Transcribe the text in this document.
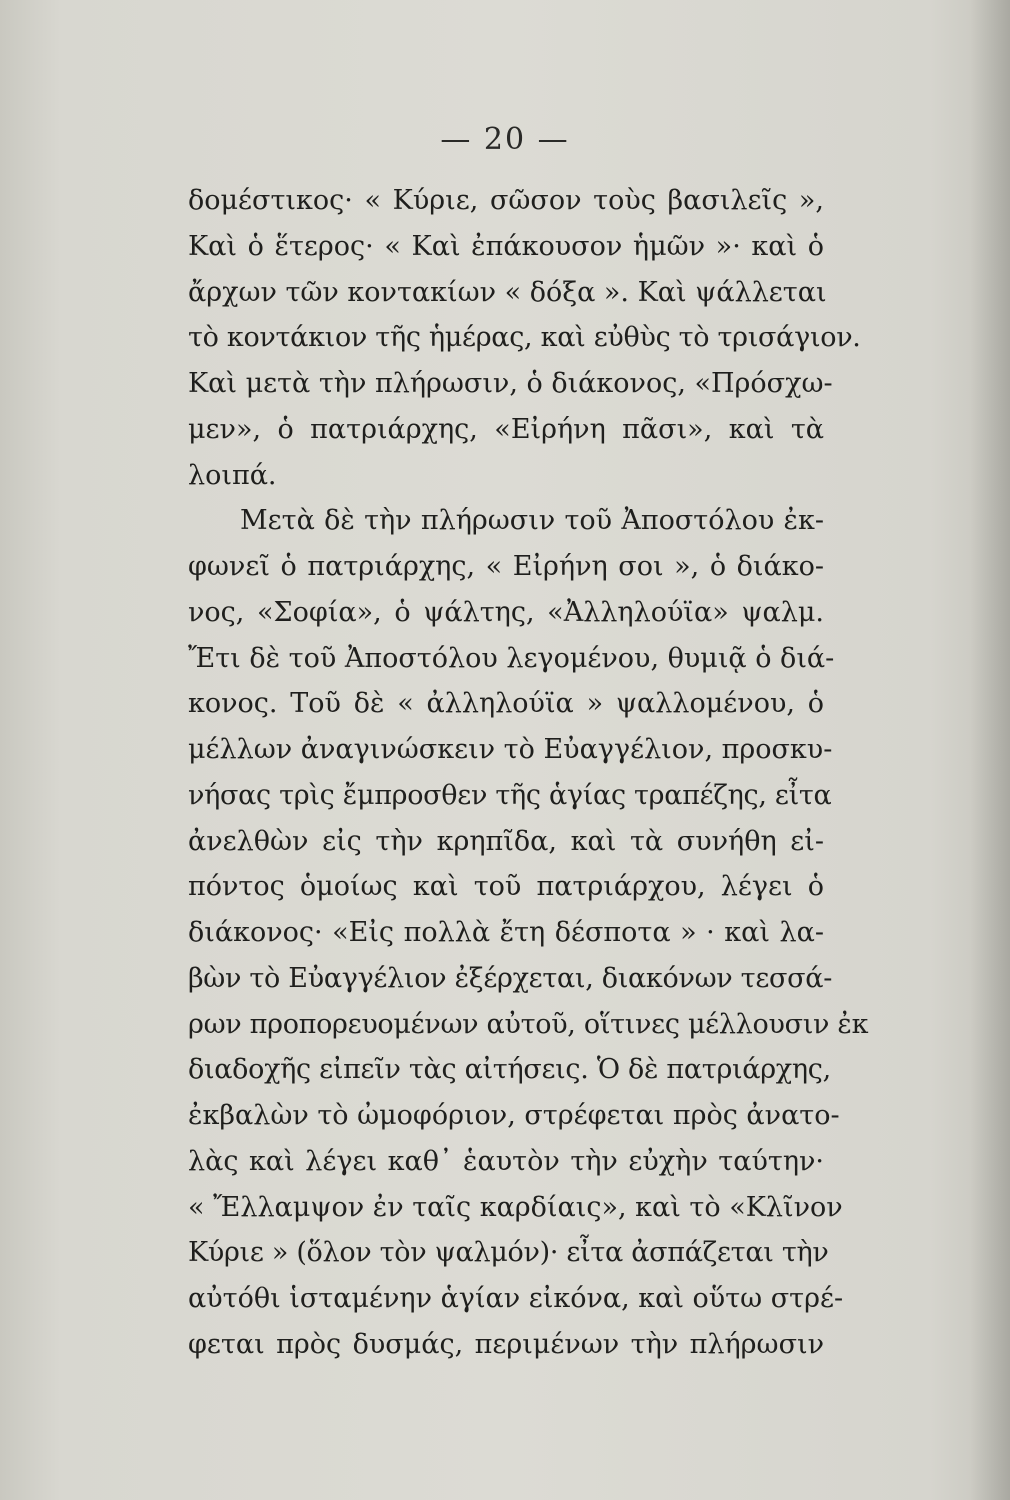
— 20 —
δομέστικος· « Κύριε, σῶσον τοὺς βασιλεῖς »,
Καὶ ὁ ἕτερος· « Καὶ ἐπάκουσον ἡμῶν »· καὶ ὁ
ἄρχων τῶν κοντακίων « δόξα ». Καὶ ψάλλεται
τὸ κοντάκιον τῆς ἡμέρας, καὶ εὐθὺς τὸ τρισάγιον.
Καὶ μετὰ τὴν πλήρωσιν, ὁ διάκονος, «Πρόσχω-
μεν», ὁ πατριάρχης, «Εἰρήνη πᾶσι», καὶ τὰ
λοιπά.
Μετὰ δὲ τὴν πλήρωσιν τοῦ Ἀποστόλου ἐκ-
φωνεῖ ὁ πατριάρχης, « Εἰρήνη σοι », ὁ διάκο-
νος, «Σοφία», ὁ ψάλτης, «Ἀλληλούϊα» ψαλμ.
Ἔτι δὲ τοῦ Ἀποστόλου λεγομένου, θυμιᾷ ὁ διά-
κονος. Τοῦ δὲ « ἀλληλούϊα » ψαλλομένου, ὁ
μέλλων ἀναγινώσκειν τὸ Εὐαγγέλιον, προσκυ-
νήσας τρὶς ἔμπροσθεν τῆς ἁγίας τραπέζης, εἶτα
ἀνελθὼν εἰς τὴν κρηπῖδα, καὶ τὰ συνήθη εἰ-
πόντος ὁμοίως καὶ τοῦ πατριάρχου, λέγει ὁ
διάκονος· «Εἰς πολλὰ ἔτη δέσποτα » · καὶ λα-
βὼν τὸ Εὐαγγέλιον ἐξέρχεται, διακόνων τεσσά-
ρων προπορευομένων αὐτοῦ, οἵτινες μέλλουσιν ἐκ
διαδοχῆς εἰπεῖν τὰς αἰτήσεις. Ὁ δὲ πατριάρχης,
ἐκβαλὼν τὸ ὠμοφόριον, στρέφεται πρὸς ἀνατο-
λὰς καὶ λέγει καθ᾽ ἑαυτὸν τὴν εὐχὴν ταύτην·
« Ἔλλαμψον ἐν ταῖς καρδίαις», καὶ τὸ «Κλῖνον
Κύριε » (ὅλον τὸν ψαλμόν)· εἶτα ἀσπάζεται τὴν
αὐτόθι ἱσταμένην ἁγίαν εἰκόνα, καὶ οὕτω στρέ-
φεται πρὸς δυσμάς, περιμένων τὴν πλήρωσιν
